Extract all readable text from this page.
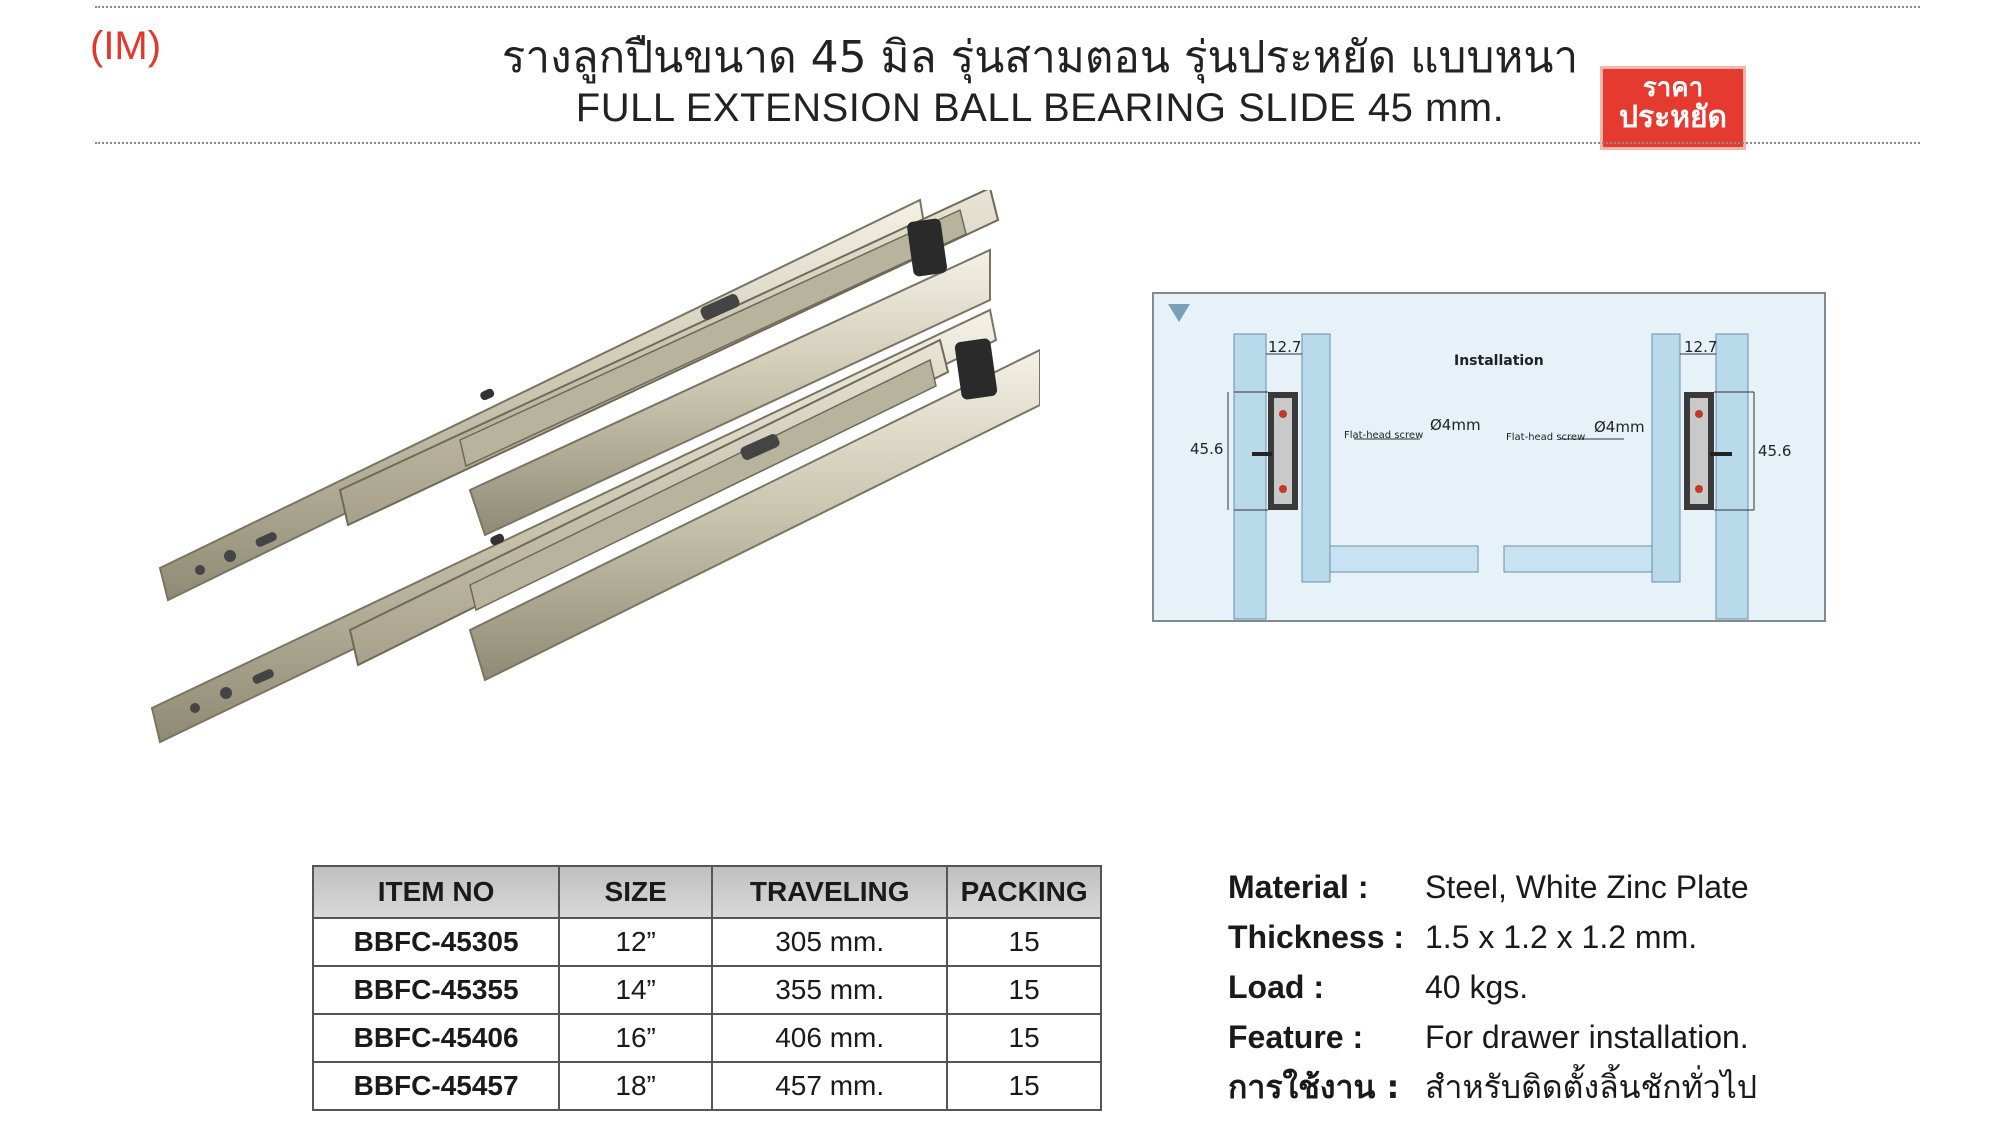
(IM)	รางลูกปืนขนาด 45 มิล รุ่นสามตอน รุ่นประหยัด แบบหนา
FULL EXTENSION BALL BEARING SLIDE 45 mm.	ราคา
ประหยัด
Installation
12.7	12.7
45.6	45.6
Flat-head screw	Flat-head screw
Ø4mm	Ø4mm
ITEM NO	SIZE	TRAVELING	PACKING
BBFC-45305	12”	305 mm.	15
BBFC-45355	14”	355 mm.	15
BBFC-45406	16”	406 mm.	15
BBFC-45457	18”	457 mm.	15
Material :	Steel, White Zinc Plate
Thickness : 1.5 x 1.2 x 1.2 mm.
Load :	40 kgs.
Feature :	For drawer installation.
การใช้งาน : สำหรับติดตั้งลิ้นชักทั่วไป
